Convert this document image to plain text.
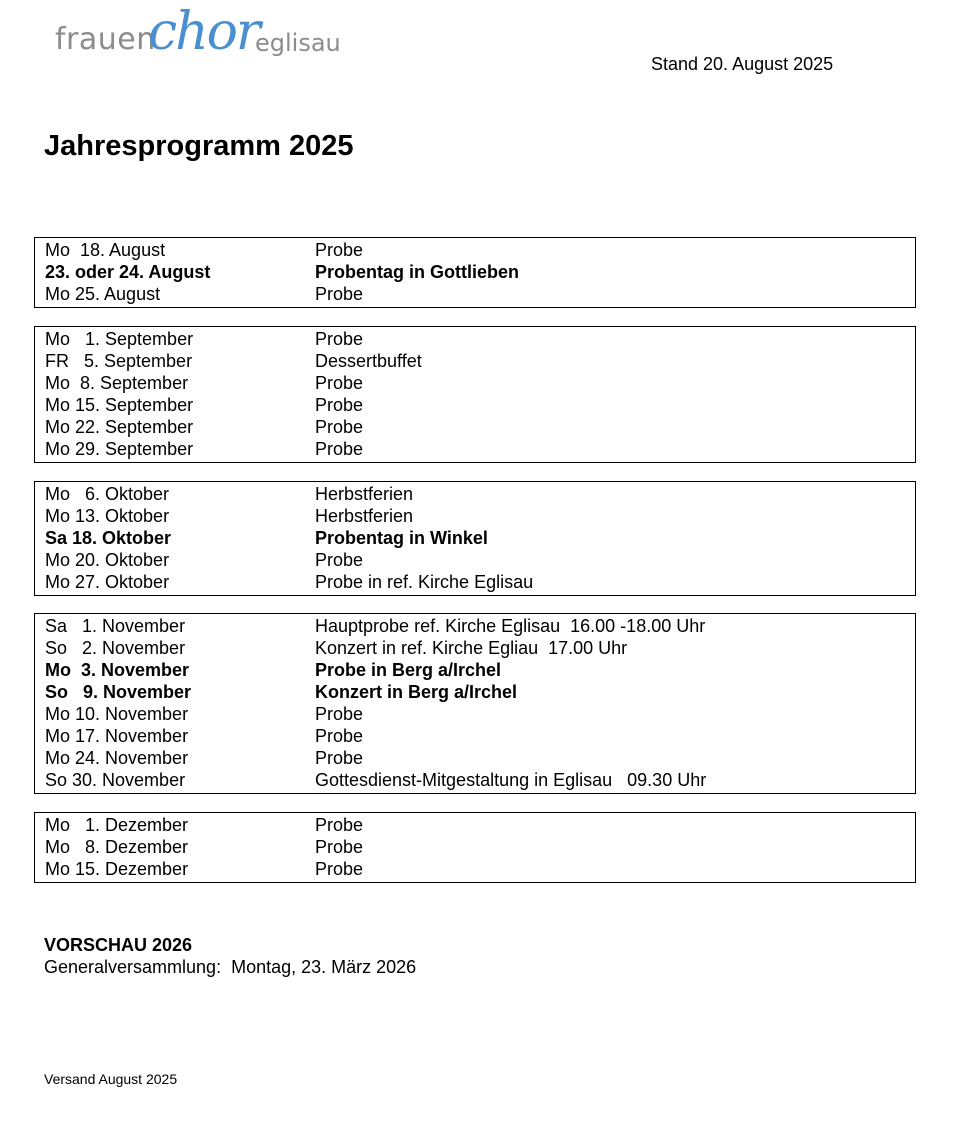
frauen
chor
eglisau
Stand 20. August 2025
Jahresprogramm 2025
Mo  18. August	Probe
23. oder 24. August	Probentag in Gottlieben
Mo 25. August	Probe
Mo   1. September	Probe
FR   5. September	Dessertbuffet
Mo  8. September	Probe
Mo 15. September	Probe
Mo 22. September	Probe
Mo 29. September	Probe
Mo   6. Oktober	Herbstferien
Mo 13. Oktober	Herbstferien
Sa 18. Oktober	Probentag in Winkel
Mo 20. Oktober	Probe
Mo 27. Oktober	Probe in ref. Kirche Eglisau
Sa   1. November	Hauptprobe ref. Kirche Eglisau  16.00 -18.00 Uhr
So   2. November	Konzert in ref. Kirche Egliau  17.00 Uhr
Mo  3. November	Probe in Berg a/Irchel
So   9. November	Konzert in Berg a/Irchel
Mo 10. November	Probe
Mo 17. November	Probe
Mo 24. November	Probe
So 30. November	Gottesdienst-Mitgestaltung in Eglisau   09.30 Uhr
Mo   1. Dezember	Probe
Mo   8. Dezember	Probe
Mo 15. Dezember	Probe
VORSCHAU 2026
Generalversammlung:  Montag, 23. März 2026
Versand August 2025
